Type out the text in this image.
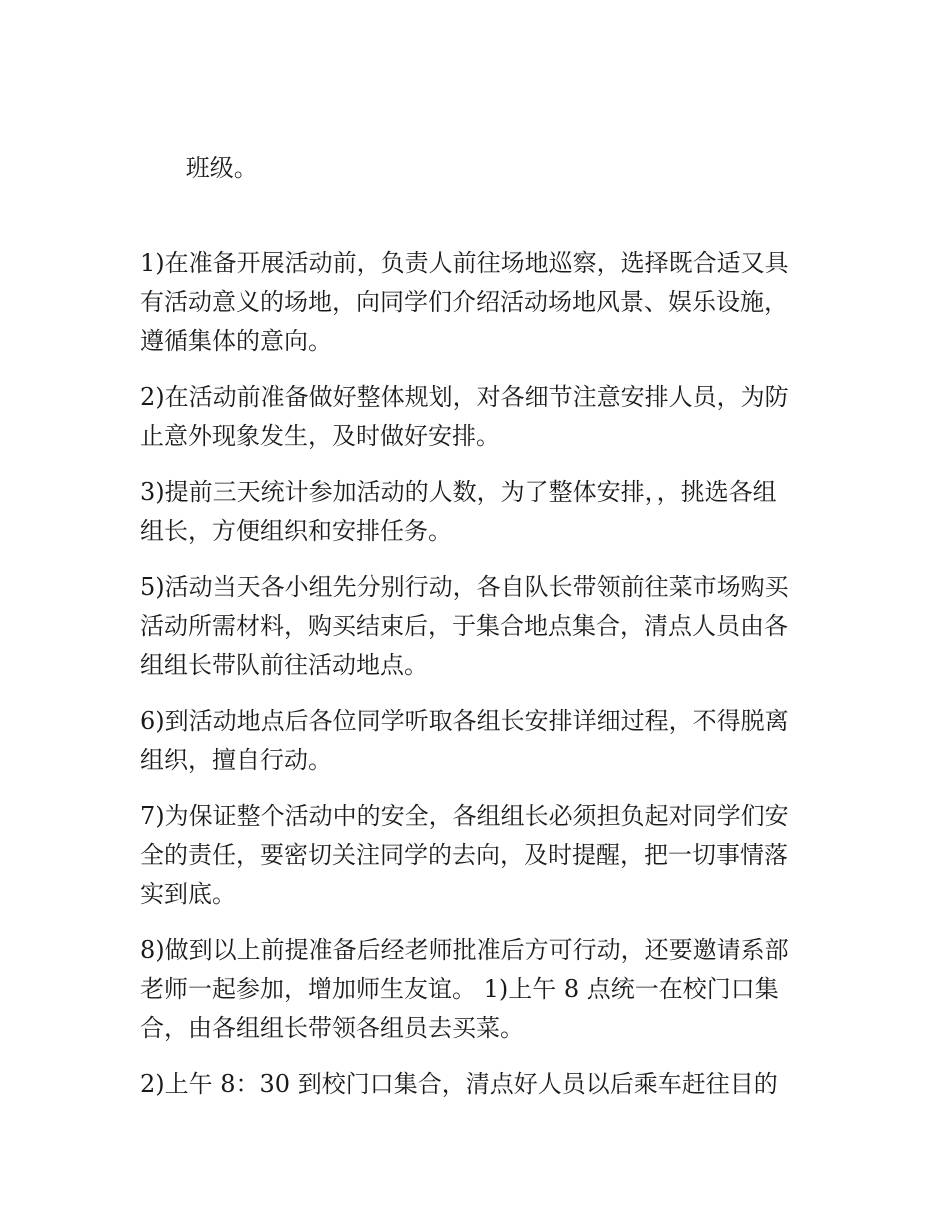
班级。

1)在准备开展活动前，负责人前往场地巡察，选择既合适又具
有活动意义的场地，向同学们介绍活动场地风景、娱乐设施，
遵循集体的意向。

2)在活动前准备做好整体规划，对各细节注意安排人员，为防
止意外现象发生，及时做好安排。

3)提前三天统计参加活动的人数，为了整体安排，，挑选各组
组长，方便组织和安排任务。

5)活动当天各小组先分别行动，各自队长带领前往菜市场购买
活动所需材料，购买结束后，于集合地点集合，清点人员由各
组组长带队前往活动地点。

6)到活动地点后各位同学听取各组长安排详细过程，不得脱离
组织，擅自行动。

7)为保证整个活动中的安全，各组组长必须担负起对同学们安
全的责任，要密切关注同学的去向，及时提醒，把一切事情落
实到底。

8)做到以上前提准备后经老师批准后方可行动，还要邀请系部
老师一起参加，增加师生友谊。 1)上午 8 点统一在校门口集
合，由各组组长带领各组员去买菜。

2)上午 8：30 到校门口集合，清点好人员以后乘车赶往目的
